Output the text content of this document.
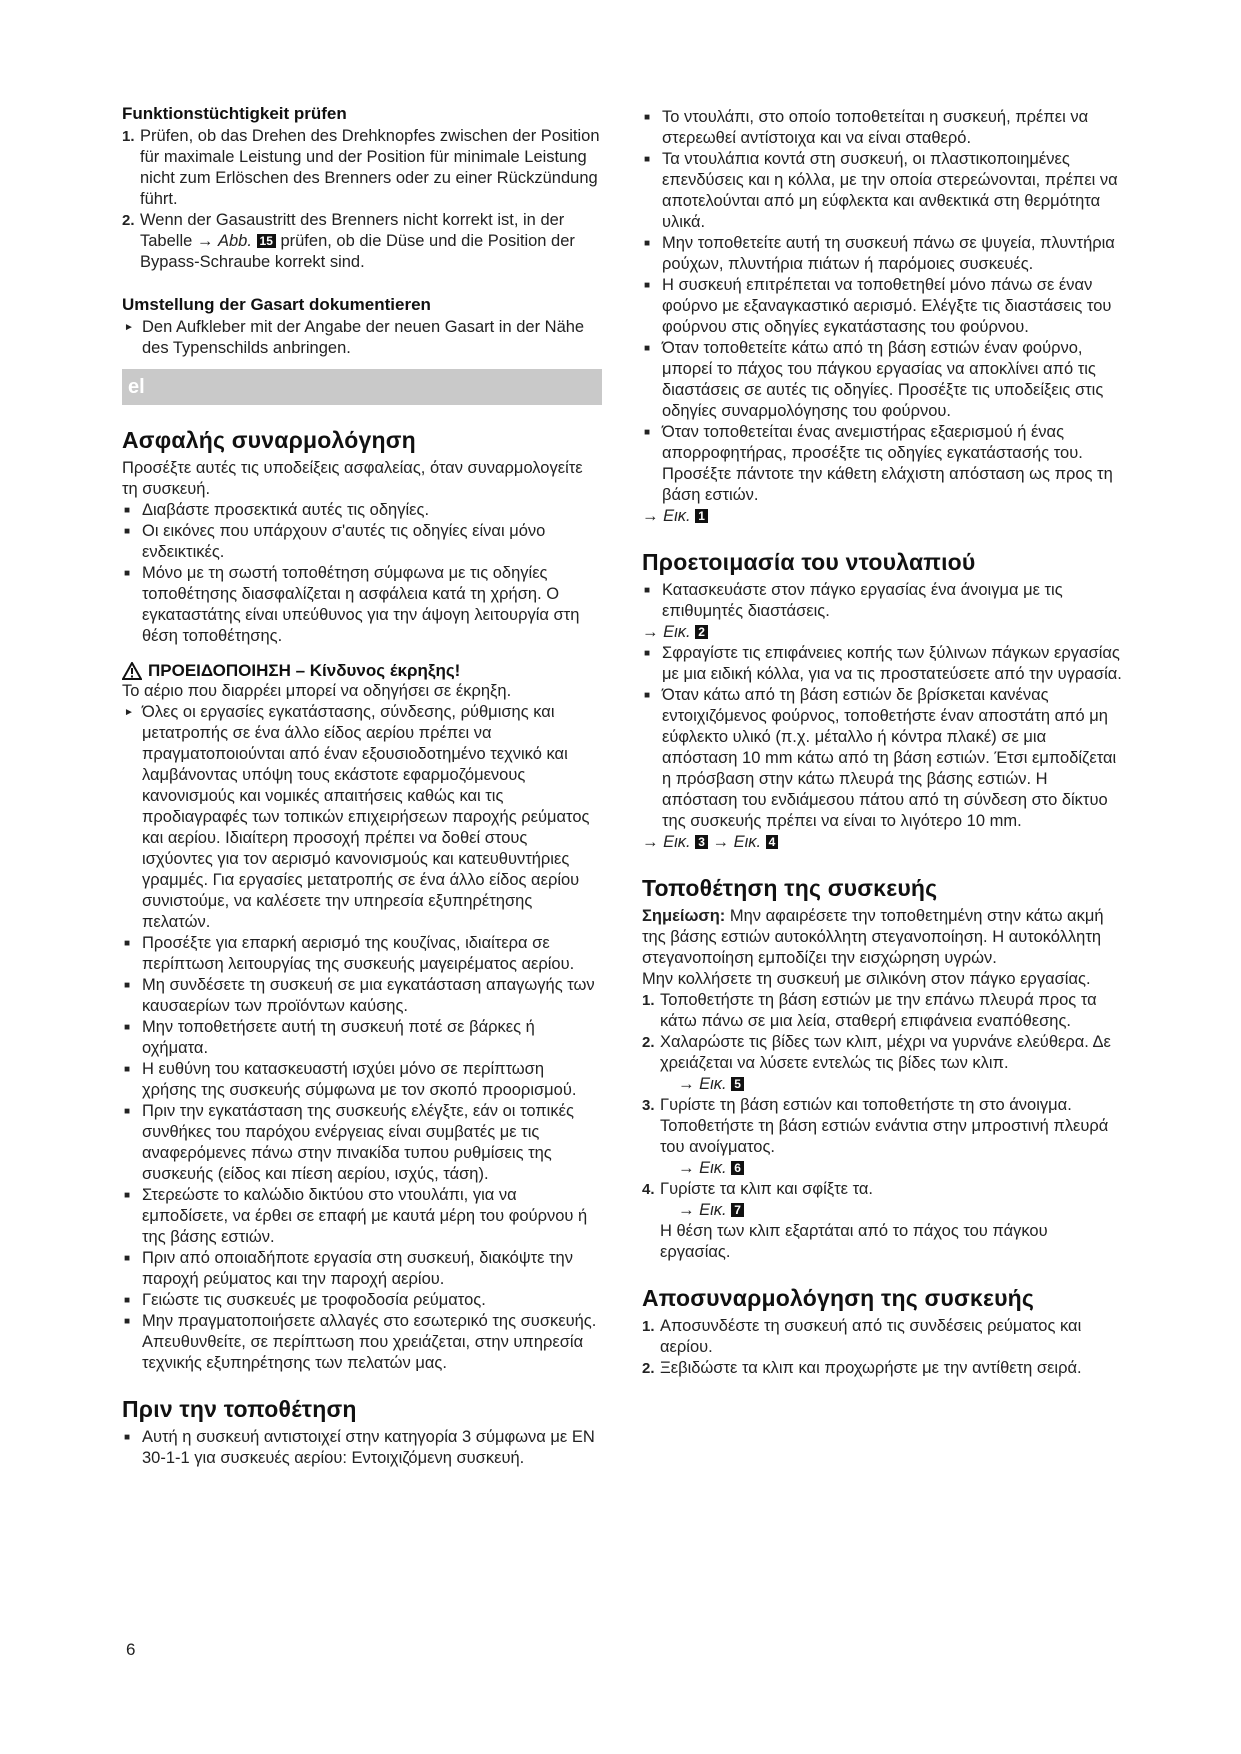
Funktionstüchtigkeit prüfen

1. Prüfen, ob das Drehen des Drehknopfes zwischen der Position für maximale Leistung und der Position für minimale Leistung nicht zum Erlöschen des Brenners oder zu einer Rückzündung führt.
2. Wenn der Gasaustritt des Brenners nicht korrekt ist, in der Tabelle → Abb. 15 prüfen, ob die Düse und die Position der Bypass-Schraube korrekt sind.

Umstellung der Gasart dokumentieren

► Den Aufkleber mit der Angabe der neuen Gasart in der Nähe des Typenschilds anbringen.
el

Ασφαλής συναρμολόγηση

Προσέξτε αυτές τις υποδείξεις ασφαλείας, όταν συναρμολογείτε τη συσκευή.

■ Διαβάστε προσεκτικά αυτές τις οδηγίες.
■ Οι εικόνες που υπάρχουν σ'αυτές τις οδηγίες είναι μόνο ενδεικτικές.
■ Μόνο με τη σωστή τοποθέτηση σύμφωνα με τις οδηγίες τοποθέτησης διασφαλίζεται η ασφάλεια κατά τη χρήση. Ο εγκαταστάτης είναι υπεύθυνος για την άψογη λειτουργία στη θέση τοποθέτησης.

ΠΡΟΕΙΔΟΠΟΙΗΣΗ – Κίνδυνος έκρηξης!

Το αέριο που διαρρέει μπορεί να οδηγήσει σε έκρηξη.

► Όλες οι εργασίες εγκατάστασης, σύνδεσης, ρύθμισης και μετατροπής σε ένα άλλο είδος αερίου πρέπει να πραγματοποιούνται από έναν εξουσιοδοτημένο τεχνικό και λαμβάνοντας υπόψη τους εκάστοτε εφαρμοζόμενους κανονισμούς και νομικές απαιτήσεις καθώς και τις προδιαγραφές των τοπικών επιχειρήσεων παροχής ρεύματος και αερίου. Ιδιαίτερη προσοχή πρέπει να δοθεί στους ισχύοντες για τον αερισμό κανονισμούς και κατευθυντήριες γραμμές. Για εργασίες μετατροπής σε ένα άλλο είδος αερίου συνιστούμε, να καλέσετε την υπηρεσία εξυπηρέτησης πελατών.
■ Προσέξτε για επαρκή αερισμό της κουζίνας, ιδιαίτερα σε περίπτωση λειτουργίας της συσκευής μαγειρέματος αερίου.
■ Μη συνδέσετε τη συσκευή σε μια εγκατάσταση απαγωγής των καυσαερίων των προϊόντων καύσης.
■ Μην τοποθετήσετε αυτή τη συσκευή ποτέ σε βάρκες ή οχήματα.
■ Η ευθύνη του κατασκευαστή ισχύει μόνο σε περίπτωση χρήσης της συσκευής σύμφωνα με τον σκοπό προορισμού.
■ Πριν την εγκατάσταση της συσκευής ελέγξτε, εάν οι τοπικές συνθήκες του παρόχου ενέργειας είναι συμβατές με τις αναφερόμενες πάνω στην πινακίδα τυπου ρυθμίσεις της συσκευής (είδος και πίεση αερίου, ισχύς, τάση).
■ Στερεώστε το καλώδιο δικτύου στο ντουλάπι, για να εμποδίσετε, να έρθει σε επαφή με καυτά μέρη του φούρνου ή της βάσης εστιών.
■ Πριν από οποιαδήποτε εργασία στη συσκευή, διακόψτε την παροχή ρεύματος και την παροχή αερίου.
■ Γειώστε τις συσκευές με τροφοδοσία ρεύματος.
■ Μην πραγματοποιήσετε αλλαγές στο εσωτερικό της συσκευής. Απευθυνθείτε, σε περίπτωση που χρειάζεται, στην υπηρεσία τεχνικής εξυπηρέτησης των πελατών μας.

Πριν την τοποθέτηση

■ Αυτή η συσκευή αντιστοιχεί στην κατηγορία 3 σύμφωνα με EN 30-1-1 για συσκευές αερίου: Εντοιχιζόμενη συσκευή.
■ Το ντουλάπι, στο οποίο τοποθετείται η συσκευή, πρέπει να στερεωθεί αντίστοιχα και να είναι σταθερό.
■ Τα ντουλάπια κοντά στη συσκευή, οι πλαστικοποιημένες επενδύσεις και η κόλλα, με την οποία στερεώνονται, πρέπει να αποτελούνται από μη εύφλεκτα και ανθεκτικά στη θερμότητα υλικά.
■ Μην τοποθετείτε αυτή τη συσκευή πάνω σε ψυγεία, πλυντήρια ρούχων, πλυντήρια πιάτων ή παρόμοιες συσκευές.
■ Η συσκευή επιτρέπεται να τοποθετηθεί μόνο πάνω σε έναν φούρνο με εξαναγκαστικό αερισμό. Ελέγξτε τις διαστάσεις του φούρνου στις οδηγίες εγκατάστασης του φούρνου.
■ Όταν τοποθετείτε κάτω από τη βάση εστιών έναν φούρνο, μπορεί το πάχος του πάγκου εργασίας να αποκλίνει από τις διαστάσεις σε αυτές τις οδηγίες. Προσέξτε τις υποδείξεις στις οδηγίες συναρμολόγησης του φούρνου.
■ Όταν τοποθετείται ένας ανεμιστήρας εξαερισμού ή ένας απορροφητήρας, προσέξτε τις οδηγίες εγκατάστασής του. Προσέξτε πάντοτε την κάθετη ελάχιστη απόσταση ως προς τη βάση εστιών.
→ Εικ. 1

Προετοιμασία του ντουλαπιού

■ Κατασκευάστε στον πάγκο εργασίας ένα άνοιγμα με τις επιθυμητές διαστάσεις.
→ Εικ. 2
■ Σφραγίστε τις επιφάνειες κοπής των ξύλινων πάγκων εργασίας με μια ειδική κόλλα, για να τις προστατεύσετε από την υγρασία.
■ Όταν κάτω από τη βάση εστιών δε βρίσκεται κανένας εντοιχιζόμενος φούρνος, τοποθετήστε έναν αποστάτη από μη εύφλεκτο υλικό (π.χ. μέταλλο ή κόντρα πλακέ) σε μια απόσταση 10 mm κάτω από τη βάση εστιών. Έτσι εμποδίζεται η πρόσβαση στην κάτω πλευρά της βάσης εστιών. Η απόσταση του ενδιάμεσου πάτου από τη σύνδεση στο δίκτυο της συσκευής πρέπει να είναι το λιγότερο 10 mm.
→ Εικ. 3 → Εικ. 4

Τοποθέτηση της συσκευής

Σημείωση: Μην αφαιρέσετε την τοποθετημένη στην κάτω ακμή της βάσης εστιών αυτοκόλλητη στεγανοποίηση. Η αυτοκόλλητη στεγανοποίηση εμποδίζει την εισχώρηση υγρών.

Μην κολλήσετε τη συσκευή με σιλικόνη στον πάγκο εργασίας.

1. Τοποθετήστε τη βάση εστιών με την επάνω πλευρά προς τα κάτω πάνω σε μια λεία, σταθερή επιφάνεια εναπόθεσης.
2. Χαλαρώστε τις βίδες των κλιπ, μέχρι να γυρνάνε ελεύθερα. Δε χρειάζεται να λύσετε εντελώς τις βίδες των κλιπ.
→ Εικ. 5
3. Γυρίστε τη βάση εστιών και τοποθετήστε τη στο άνοιγμα. Τοποθετήστε τη βάση εστιών ενάντια στην μπροστινή πλευρά του ανοίγματος.
→ Εικ. 6
4. Γυρίστε τα κλιπ και σφίξτε τα.
→ Εικ. 7
Η θέση των κλιπ εξαρτάται από το πάχος του πάγκου εργασίας.

Αποσυναρμολόγηση της συσκευής

1. Αποσυνδέστε τη συσκευή από τις συνδέσεις ρεύματος και αερίου.
2. Ξεβιδώστε τα κλιπ και προχωρήστε με την αντίθετη σειρά.
6
